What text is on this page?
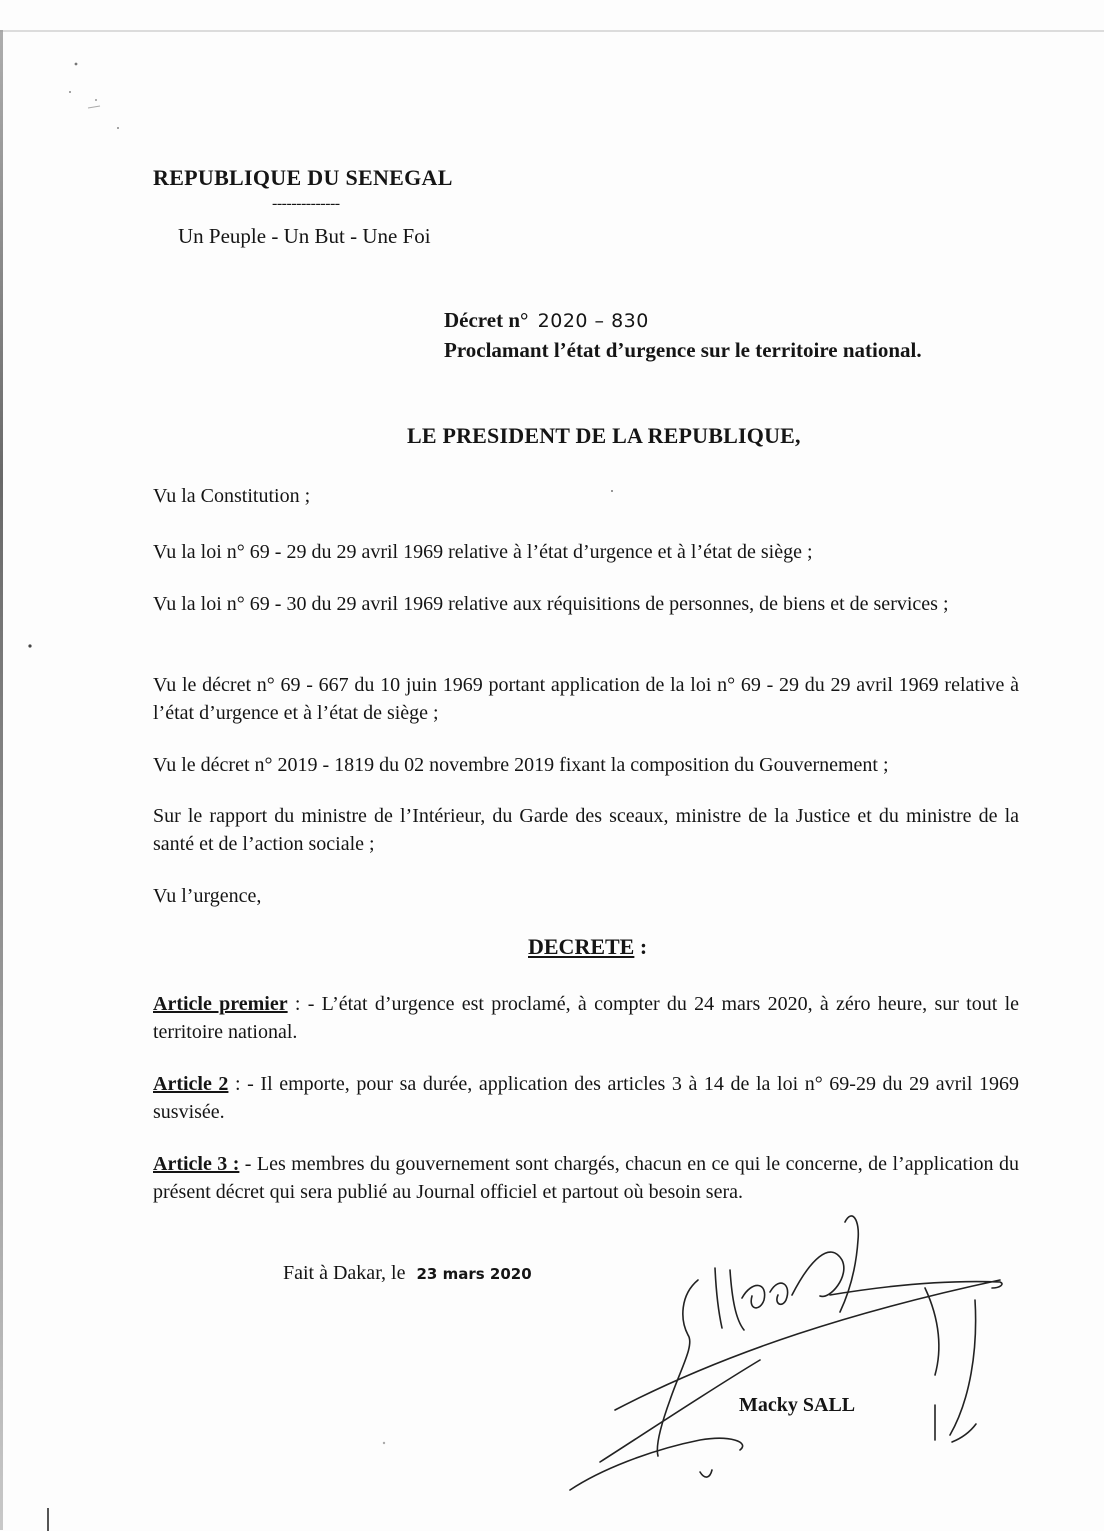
REPUBLIQUE DU SENEGAL
--------------
Un Peuple - Un But - Une Foi
Décret n° 2020 – 830
Proclamant l’état d’urgence sur le territoire national.
LE PRESIDENT DE LA REPUBLIQUE,
Vu la Constitution ;
Vu la loi n° 69 - 29 du 29 avril 1969 relative à l’état d’urgence et à l’état de siège ;
Vu la loi n° 69 - 30 du 29 avril 1969 relative aux réquisitions de personnes, de biens et de services ;
Vu le décret n° 69 - 667 du 10 juin 1969 portant application de la loi n° 69 - 29 du 29 avril 1969 relative à l’état d’urgence et à l’état de siège ;
Vu le décret n° 2019 - 1819 du 02 novembre 2019 fixant la composition du Gouvernement ;
Sur le rapport du ministre de l’Intérieur, du Garde des sceaux, ministre de la Justice et du ministre de la santé et de l’action sociale ;
Vu l’urgence,
DECRETE :
Article premier : - L’état d’urgence est proclamé, à compter du 24 mars 2020, à zéro heure, sur tout le territoire national.
Article 2 : - Il emporte, pour sa durée, application des articles 3 à 14 de la loi n° 69-29 du 29 avril 1969 susvisée.
Article 3 : - Les membres du gouvernement sont chargés, chacun en ce qui le concerne, de l’application du présent décret qui sera publié au Journal officiel et partout où besoin sera.
Fait à Dakar, le 23 mars 2020
Macky SALL
